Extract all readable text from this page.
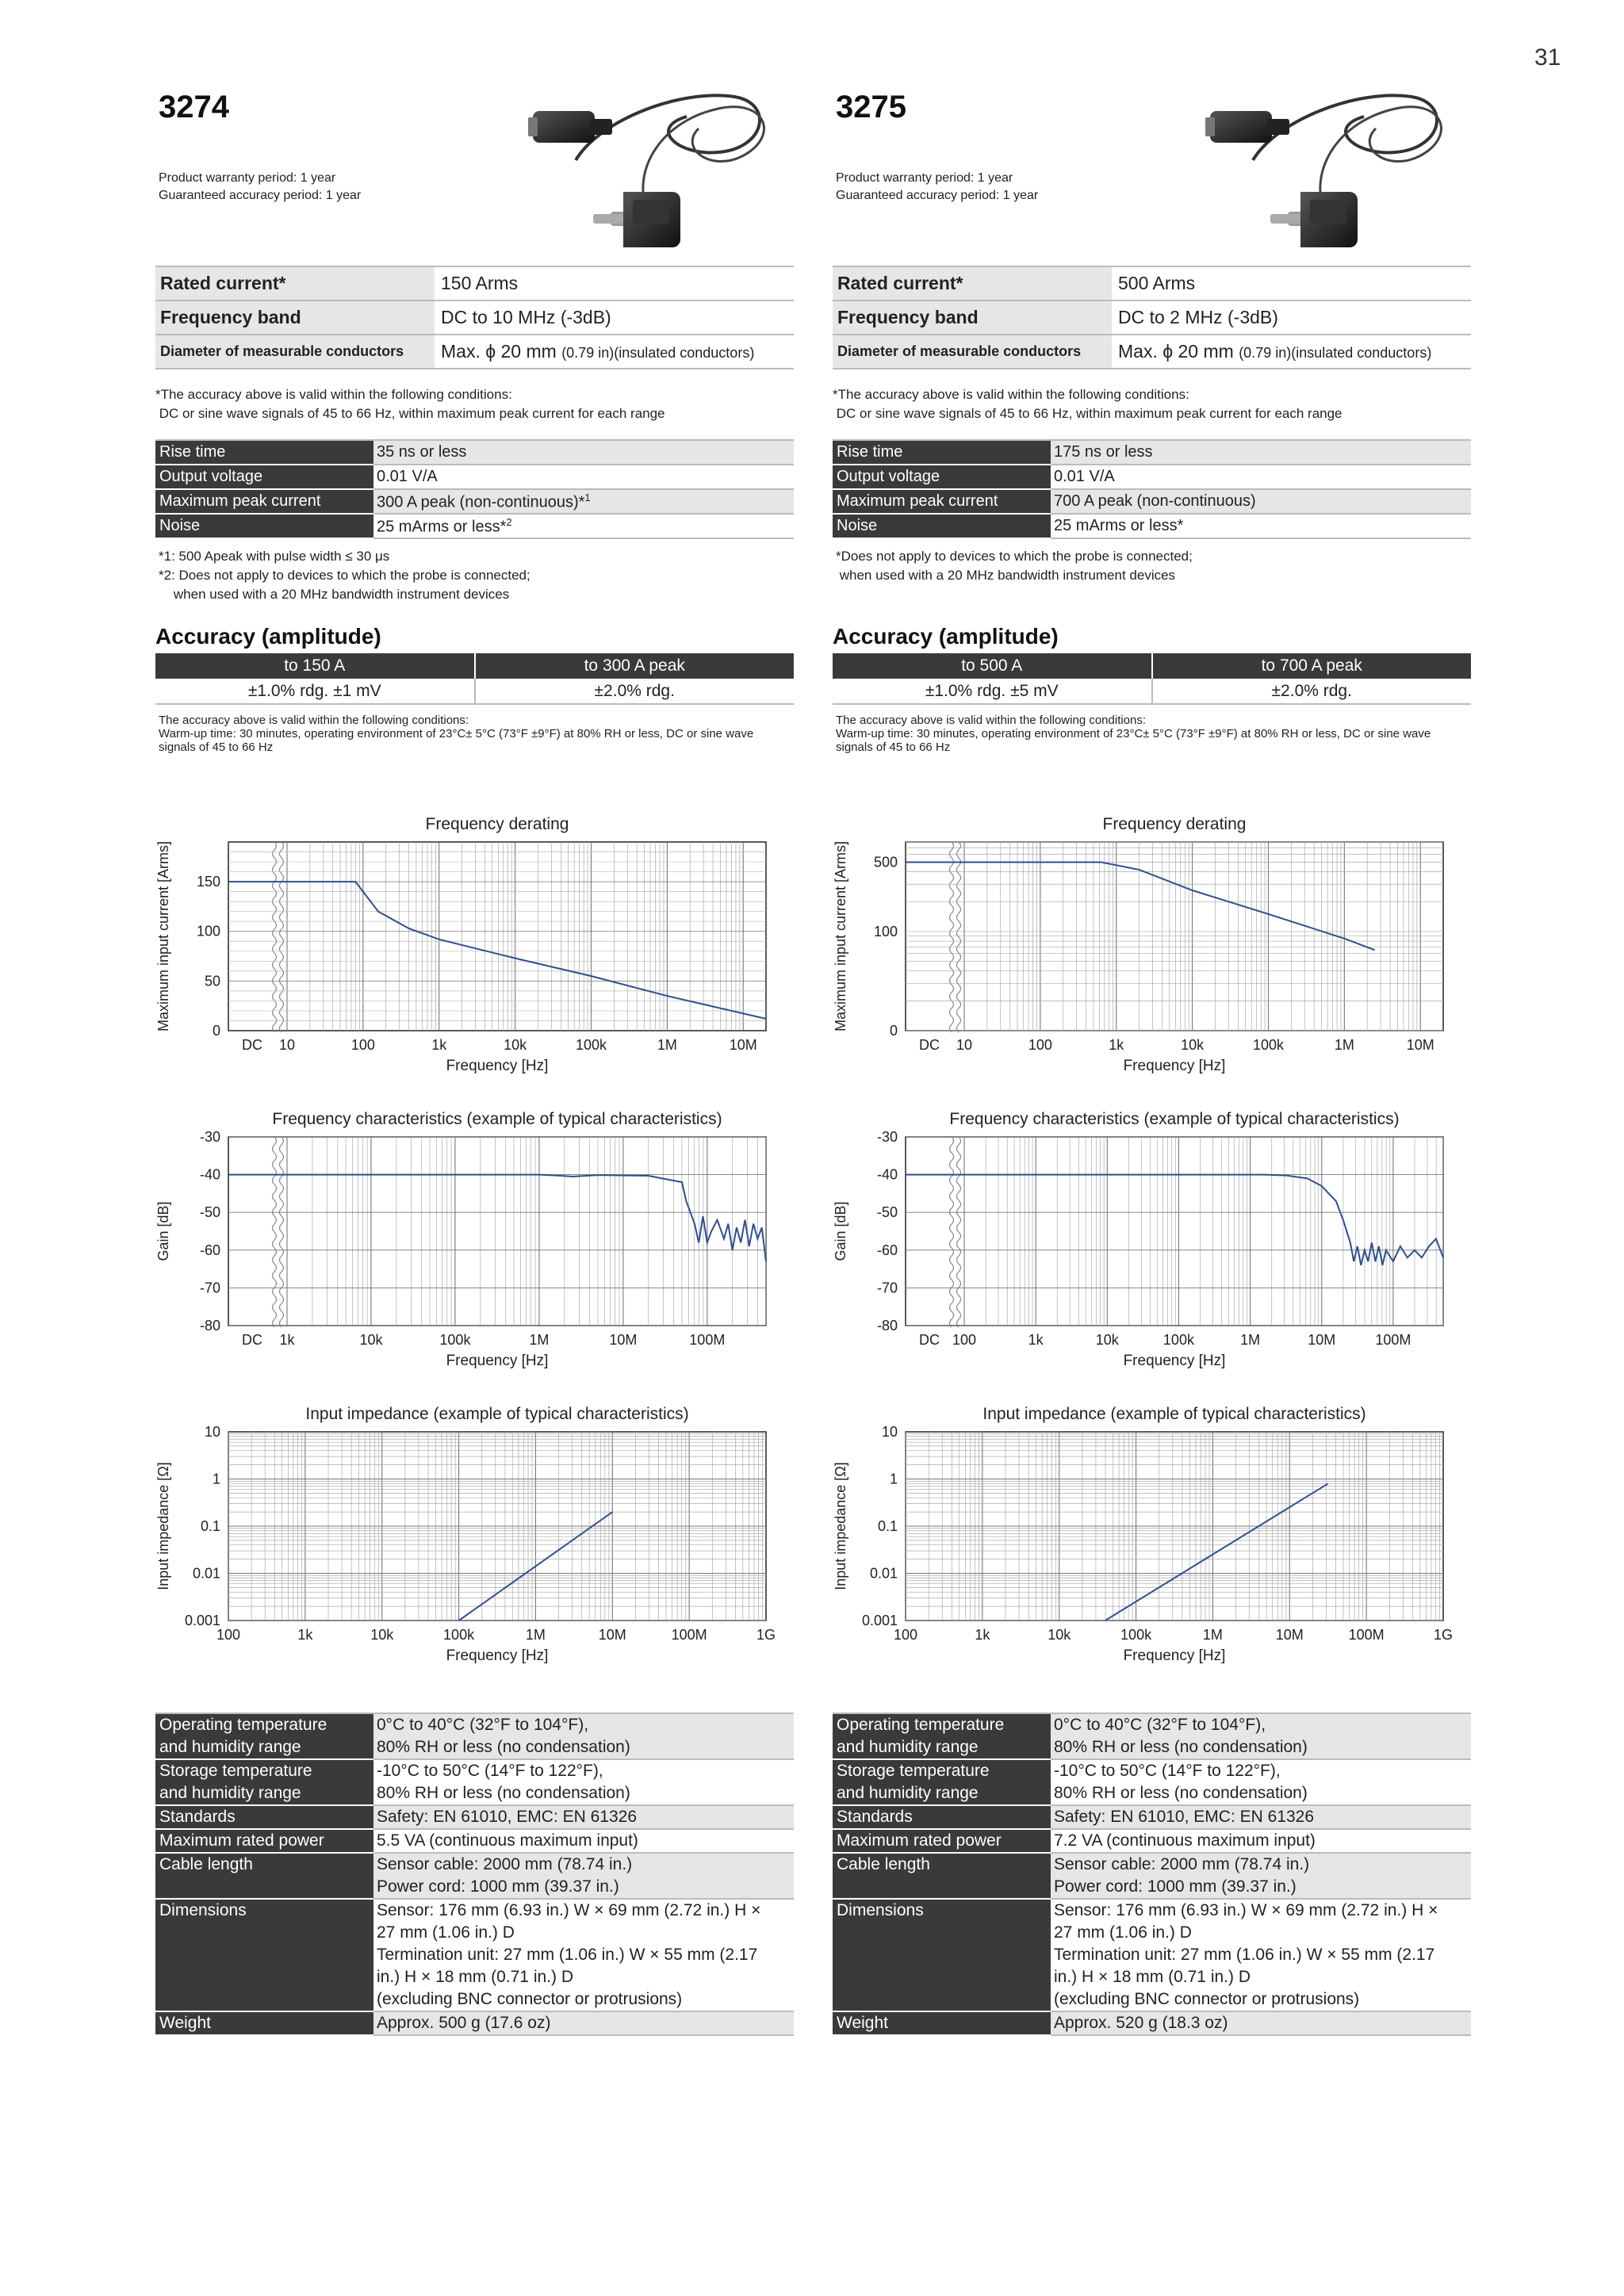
31
3274
Product warranty period: 1 year
Guaranteed accuracy period: 1 year
Rated current*	150 Arms
Frequency band	DC to 10 MHz (-3dB)
Diameter of measurable conductors	Max. ϕ 20 mm (0.79 in)(insulated conductors)
*The accuracy above is valid within the following conditions:
DC or sine wave signals of 45 to 66 Hz, within maximum peak current for each range
Rise time	35 ns or less
Output voltage	0.01 V/A
Maximum peak current	300 A peak (non-continuous)*$^1$
Noise	25 mArms or less*$^2$
*1: 500 Apeak with pulse width ≤ 30 μs
*2: Does not apply to devices to which the probe is connected;
when used with a 20 MHz bandwidth instrument devices
Accuracy (amplitude)
to 150 A	to 300 A peak
±1.0% rdg. ±1 mV	±2.0% rdg.
The accuracy above is valid within the following conditions:
Warm-up time: 30 minutes, operating environment of 23°C± 5°C (73°F ±9°F) at 80% RH or less, DC or sine wave signals of 45 to 66 Hz
Operating temperature
and humidity range	0°C to 40°C (32°F to 104°F),
80% RH or less (no condensation)
Storage temperature
and humidity range	-10°C to 50°C (14°F to 122°F),
80% RH or less (no condensation)
Standards	Safety: EN 61010, EMC: EN 61326
Maximum rated power	5.5 VA (continuous maximum input)
Cable length	Sensor cable: 2000 mm (78.74 in.)
Power cord: 1000 mm (39.37 in.)
Dimensions	Sensor: 176 mm (6.93 in.) W × 69 mm (2.72 in.) H ×
27 mm (1.06 in.) D
Termination unit: 27 mm (1.06 in.) W × 55 mm (2.17
in.) H × 18 mm (0.71 in.) D
(excluding BNC connector or protrusions)
Weight	Approx. 500 g (17.6 oz)
Frequency derating
Frequency [Hz]
Maximum input current [Arms]
DC 10	100	1k	10k	100k	1M	10M
0
50
100
150
Frequency characteristics (example of typical characteristics)
Frequency [Hz]
Gain [dB]
DC 1k	10k	100k	1M	10M	100M
-80
-70
-60
-50
-40
-30
Input impedance (example of typical characteristics)
Frequency [Hz]
Input impedance [Ω]
100	1k	10k	100k	1M	10M	100M	1G
0.001
0.01
0.1
1
10
3275
Product warranty period: 1 year
Guaranteed accuracy period: 1 year
Rated current*	500 Arms
Frequency band	DC to 2 MHz (-3dB)
Diameter of measurable conductors	Max. ϕ 20 mm (0.79 in)(insulated conductors)
*The accuracy above is valid within the following conditions:
DC or sine wave signals of 45 to 66 Hz, within maximum peak current for each range
Rise time	175 ns or less
Output voltage	0.01 V/A
Maximum peak current	700 A peak (non-continuous)
Noise	25 mArms or less*
*Does not apply to devices to which the probe is connected;
when used with a 20 MHz bandwidth instrument devices
Accuracy (amplitude)
to 500 A	to 700 A peak
±1.0% rdg. ±5 mV	±2.0% rdg.
The accuracy above is valid within the following conditions:
Warm-up time: 30 minutes, operating environment of 23°C± 5°C (73°F ±9°F) at 80% RH or less, DC or sine wave signals of 45 to 66 Hz
Operating temperature
and humidity range	0°C to 40°C (32°F to 104°F),
80% RH or less (no condensation)
Storage temperature
and humidity range	-10°C to 50°C (14°F to 122°F),
80% RH or less (no condensation)
Standards	Safety: EN 61010, EMC: EN 61326
Maximum rated power	7.2 VA (continuous maximum input)
Cable length	Sensor cable: 2000 mm (78.74 in.)
Power cord: 1000 mm (39.37 in.)
Dimensions	Sensor: 176 mm (6.93 in.) W × 69 mm (2.72 in.) H ×
27 mm (1.06 in.) D
Termination unit: 27 mm (1.06 in.) W × 55 mm (2.17
in.) H × 18 mm (0.71 in.) D
(excluding BNC connector or protrusions)
Weight	Approx. 520 g (18.3 oz)
Frequency derating
Frequency [Hz]
Maximum input current [Arms]
DC 10	100	1k	10k	100k	1M	10M
0
100
500
Frequency characteristics (example of typical characteristics)
Frequency [Hz]
Gain [dB]
DC 100	1k	10k	100k	1M	10M	100M
-80
-70
-60
-50
-40
-30
Input impedance (example of typical characteristics)
Frequency [Hz]
Input impedance [Ω]
100	1k	10k	100k	1M	10M	100M	1G
0.001
0.01
0.1
1
10
